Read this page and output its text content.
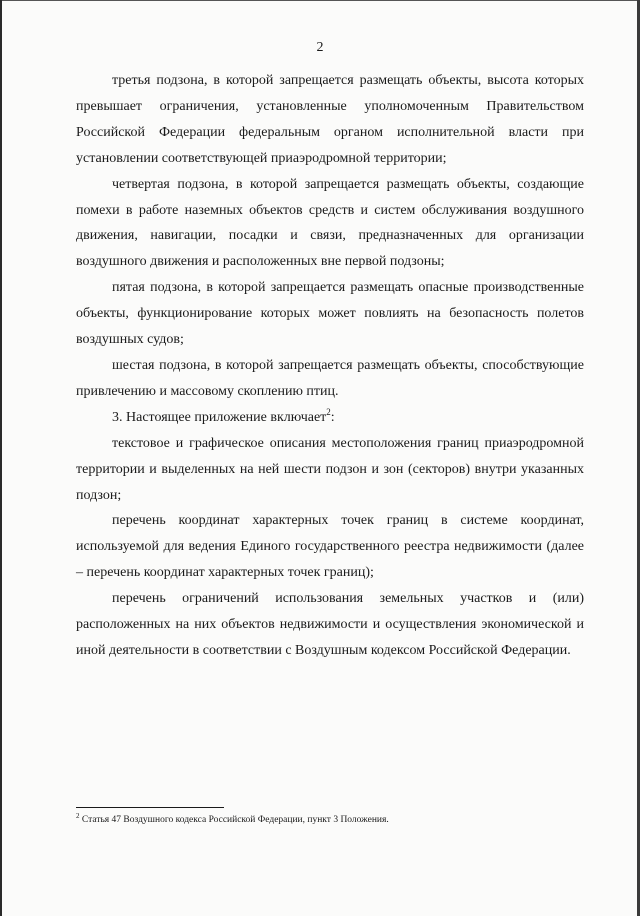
2

третья подзона, в которой запрещается размещать объекты, высота которых превышает ограничения, установленные уполномоченным Правительством Российской Федерации федеральным органом исполнительной власти при установлении соответствующей приаэродромной территории;

четвертая подзона, в которой запрещается размещать объекты, создающие помехи в работе наземных объектов средств и систем обслуживания воздушного движения, навигации, посадки и связи, предназначенных для организации воздушного движения и расположенных вне первой подзоны;

пятая подзона, в которой запрещается размещать опасные производственные объекты, функционирование которых может повлиять на безопасность полетов воздушных судов;

шестая подзона, в которой запрещается размещать объекты, способствующие привлечению и массовому скоплению птиц.

3. Настоящее приложение включает$^2$:

текстовое и графическое описания местоположения границ приаэродромной территории и выделенных на ней шести подзон и зон (секторов) внутри указанных подзон;

перечень координат характерных точек границ в системе координат, используемой для ведения Единого государственного реестра недвижимости (далее – перечень координат характерных точек границ);

перечень ограничений использования земельных участков и (или) расположенных на них объектов недвижимости и осуществления экономической и иной деятельности в соответствии с Воздушным кодексом Российской Федерации.

$^2$ Статья 47 Воздушного кодекса Российской Федерации, пункт 3 Положения.
